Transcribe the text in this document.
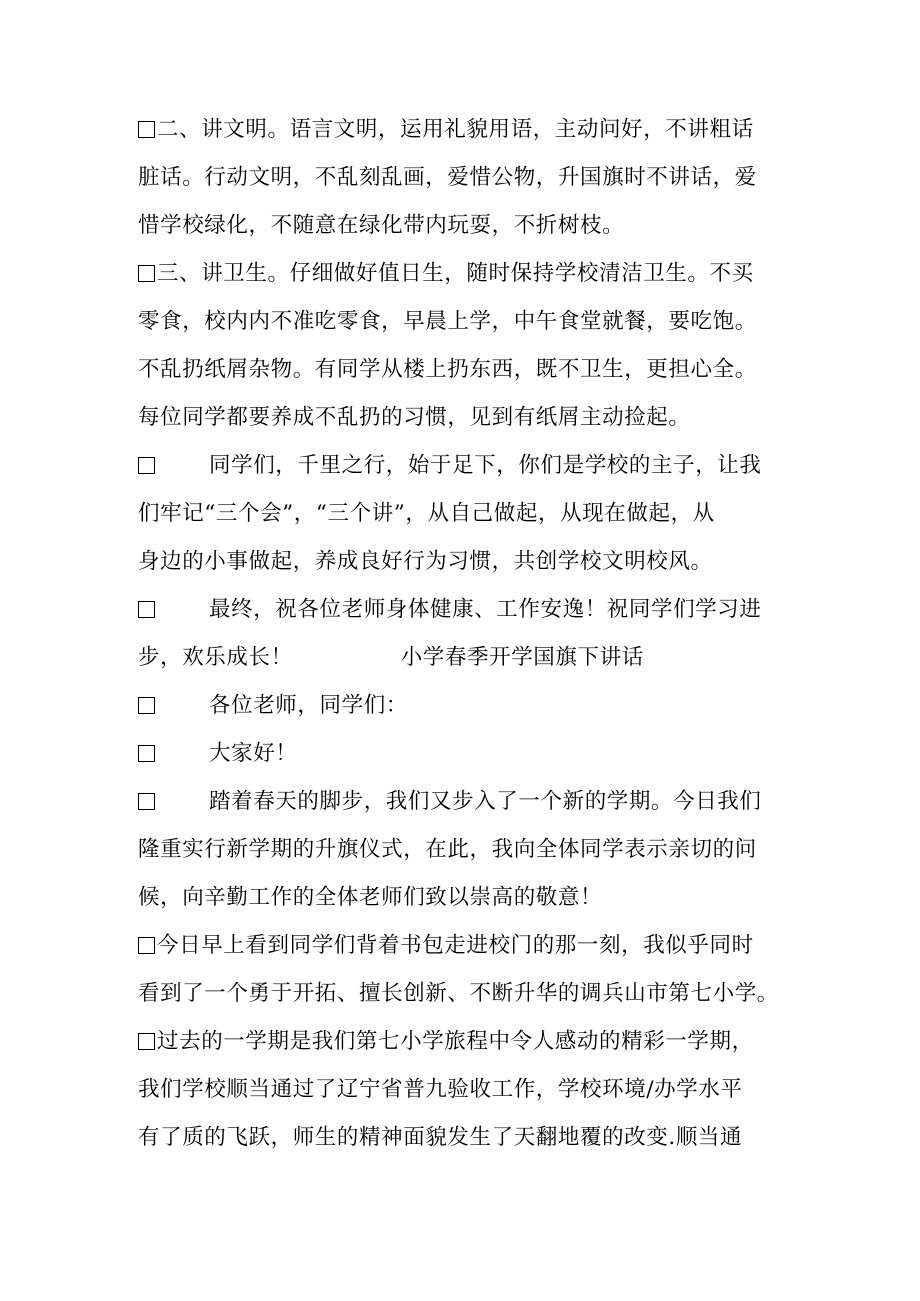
二、讲文明。语言文明，运用礼貌用语，主动问好，不讲粗话
脏话。行动文明，不乱刻乱画，爱惜公物，升国旗时不讲话，爱
惜学校绿化，不随意在绿化带内玩耍，不折树枝。
三、讲卫生。仔细做好值日生，随时保持学校清洁卫生。不买
零食，校内内不准吃零食，早晨上学，中午食堂就餐，要吃饱。
不乱扔纸屑杂物。有同学从楼上扔东西，既不卫生，更担心全。
每位同学都要养成不乱扔的习惯，见到有纸屑主动捡起。
同学们，千里之行，始于足下，你们是学校的主子，让我
们牢记“三个会”，“三个讲”，从自己做起，从现在做起，从
身边的小事做起，养成良好行为习惯，共创学校文明校风。
最终，祝各位老师身体健康、工作安逸！祝同学们学习进
步，欢乐成长！	小学春季开学国旗下讲话
各位老师，同学们：
大家好！
踏着春天的脚步，我们又步入了一个新的学期。今日我们
隆重实行新学期的升旗仪式，在此，我向全体同学表示亲切的问
候，向辛勤工作的全体老师们致以崇高的敬意！
今日早上看到同学们背着书包走进校门的那一刻，我似乎同时
看到了一个勇于开拓、擅长创新、不断升华的调兵山市第七小学。
过去的一学期是我们第七小学旅程中令人感动的精彩一学期，
我们学校顺当通过了辽宁省普九验收工作，学校环境/办学水平
有了质的飞跃，师生的精神面貌发生了天翻地覆的改变.顺当通
